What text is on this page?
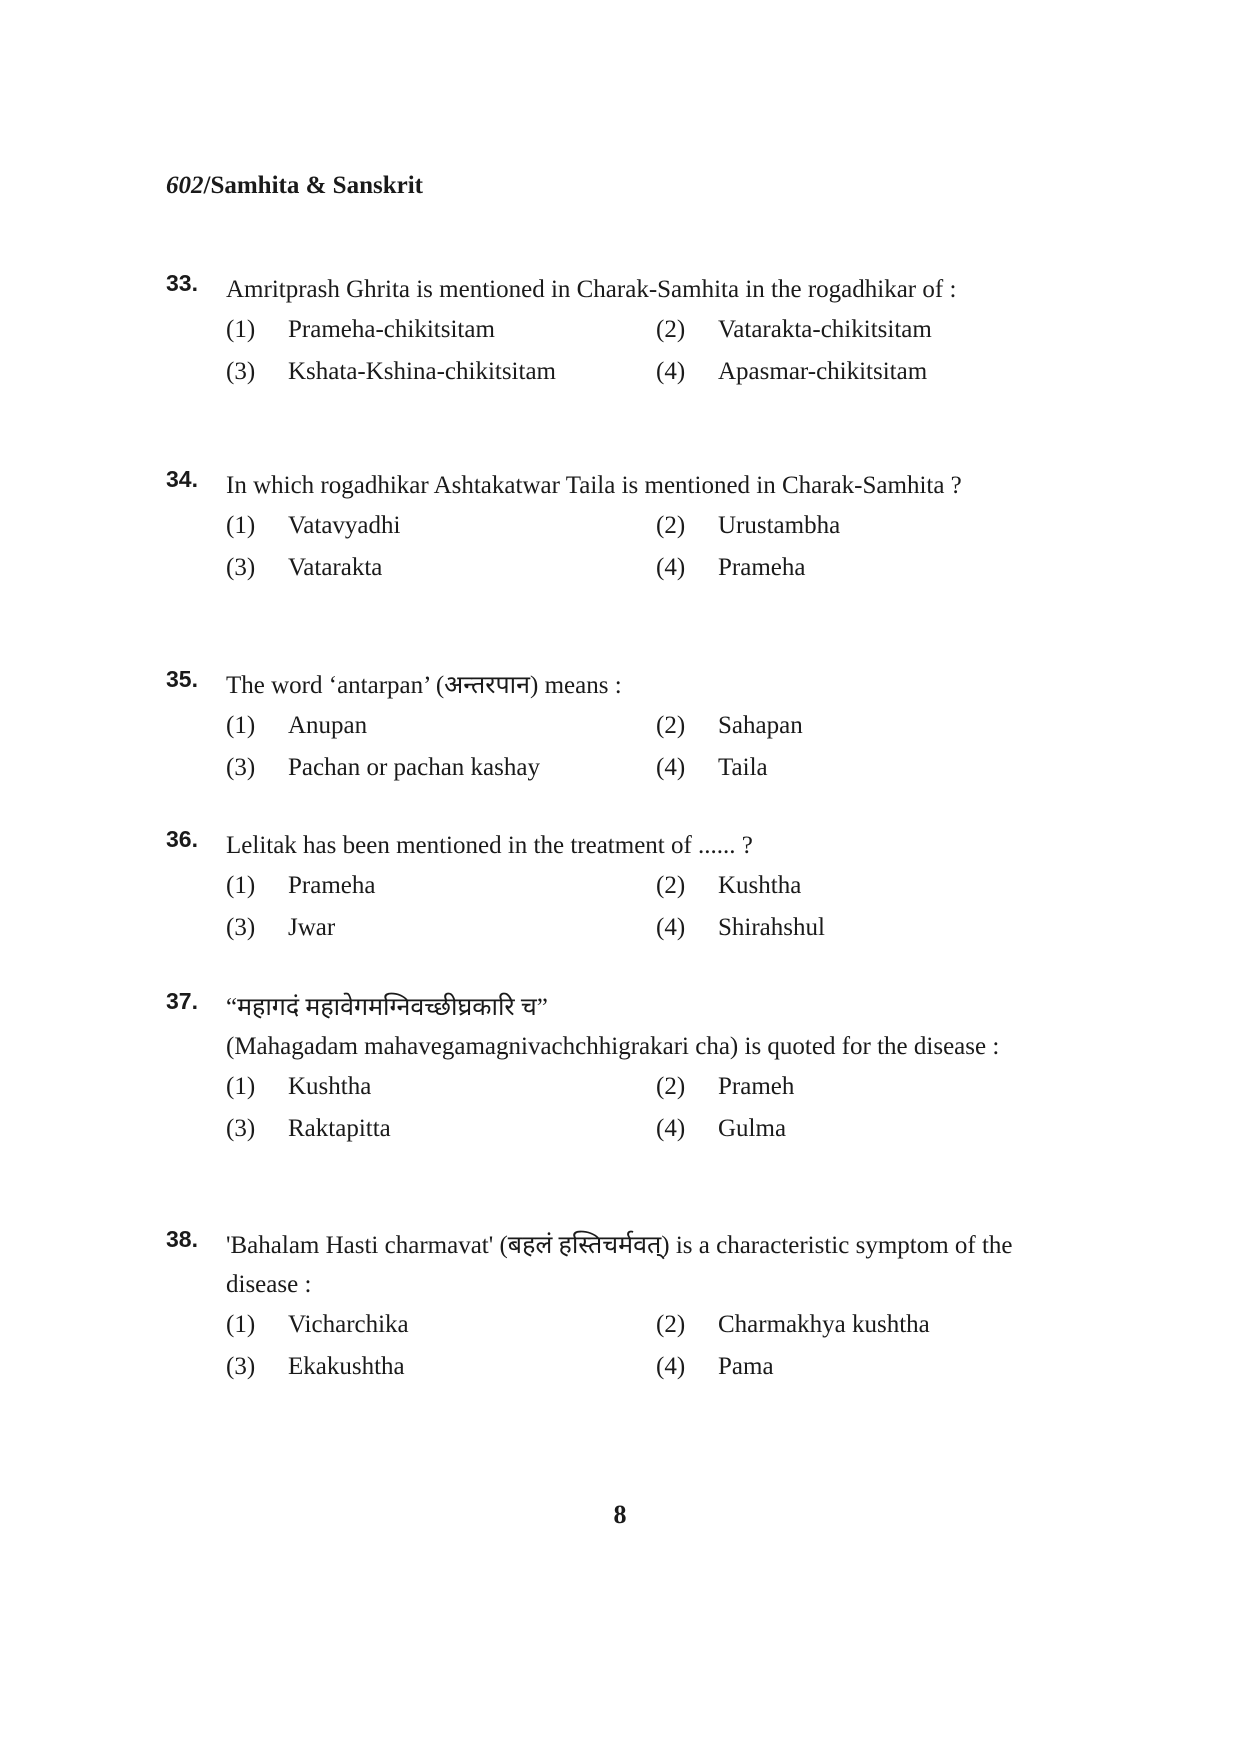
602/Samhita & Sanskrit
33. Amritprash Ghrita is mentioned in Charak-Samhita in the rogadhikar of :
(1)	Prameha-chikitsitam	(2)	Vatarakta-chikitsitam
(3)	Kshata-Kshina-chikitsitam	(4)	Apasmar-chikitsitam
34. In which rogadhikar Ashtakatwar Taila is mentioned in Charak-Samhita ?
(1)	Vatavyadhi	(2)	Urustambha
(3)	Vatarakta	(4)	Prameha
35. The word ‘antarpan’ (अन्तरपान) means :
(1)	Anupan	(2)	Sahapan
(3)	Pachan or pachan kashay	(4)	Taila
36. Lelitak has been mentioned in the treatment of ...... ?
(1)	Prameha	(2)	Kushtha
(3)	Jwar	(4)	Shirahshul
37. “महागदं महावेगमग्निवच्छीघ्रकारि च”
(Mahagadam mahavegamagnivachchhigrakari cha) is quoted for the disease :
(1)	Kushtha	(2)	Prameh
(3)	Raktapitta	(4)	Gulma
38. 'Bahalam Hasti charmavat' (बहलं हस्तिचर्मवत्) is a characteristic symptom of the disease :
(1)	Vicharchika	(2)	Charmakhya kushtha
(3)	Ekakushtha	(4)	Pama
8
